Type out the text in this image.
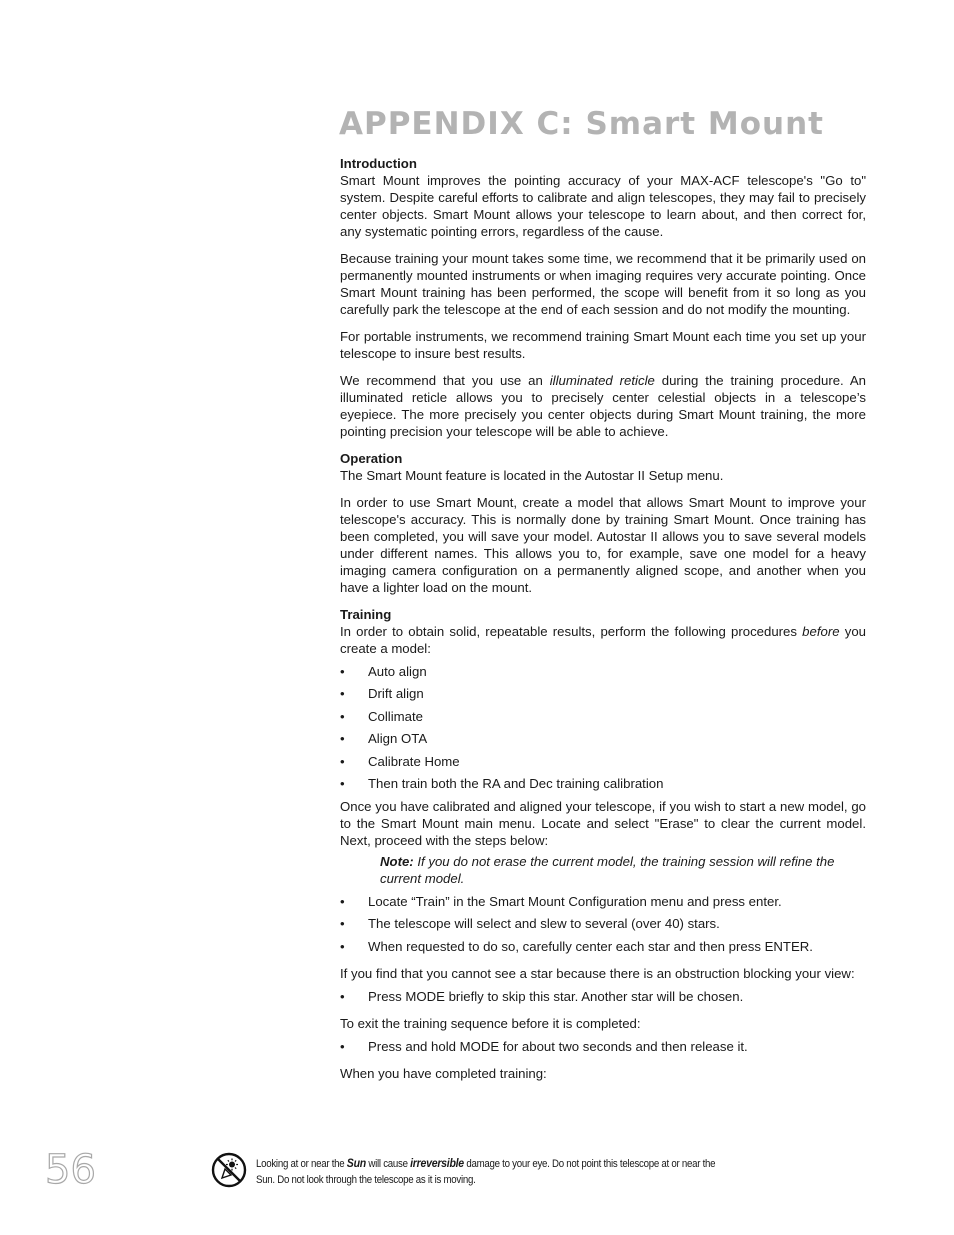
APPENDIX C: Smart Mount
Introduction

Smart Mount improves the pointing accuracy of your MAX-ACF telescope's "Go to" system. Despite careful efforts to calibrate and align telescopes, they may fail to precisely center objects. Smart Mount allows your telescope to learn about, and then correct for, any systematic pointing errors, regardless of the cause.

Because training your mount takes some time, we recommend that it be primarily used on permanently mounted instruments or when imaging requires very accurate pointing. Once Smart Mount training has been performed, the scope will benefit from it so long as you carefully park the telescope at the end of each session and do not modify the mounting.

For portable instruments, we recommend training Smart Mount each time you set up your telescope to insure best results.

We recommend that you use an illuminated reticle during the training procedure. An illuminated reticle allows you to precisely center celestial objects in a telescope’s eyepiece. The more precisely you center objects during Smart Mount training, the more pointing precision your telescope will be able to achieve.

Operation

The Smart Mount feature is located in the Autostar II Setup menu.

In order to use Smart Mount, create a model that allows Smart Mount to improve your telescope's accuracy. This is normally done by training Smart Mount. Once training has been completed, you will save your model. Autostar II allows you to save several models under different names. This allows you to, for example, save one model for a heavy imaging camera configuration on a permanently aligned scope, and another when you have a lighter load on the mount.

Training

In order to obtain solid, repeatable results, perform the following procedures before you create a model:

• Auto align
• Drift align
• Collimate
• Align OTA
• Calibrate Home
• Then train both the RA and Dec training calibration

Once you have calibrated and aligned your telescope, if you wish to start a new model, go to the Smart Mount main menu. Locate and select "Erase" to clear the current model. Next, proceed with the steps below:

Note: If you do not erase the current model, the training session will refine the current model.
• Locate “Train” in the Smart Mount Configuration menu and press enter.
• The telescope will select and slew to several (over 40) stars.
• When requested to do so, carefully center each star and then press ENTER.

If you find that you cannot see a star because there is an obstruction blocking your view:

• Press MODE briefly to skip this star. Another star will be chosen.

To exit the training sequence before it is completed:

• Press and hold MODE for about two seconds and then release it.

When you have completed training:

56	Looking at or near the Sun will cause irreversible damage to your eye. Do not point this telescope at or near the
Sun. Do not look through the telescope as it is moving.
